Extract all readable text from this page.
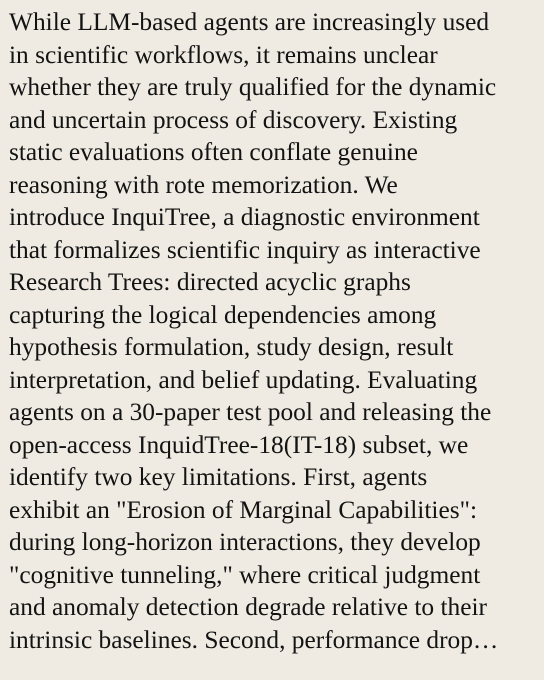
While LLM-based agents are increasingly used
in scientific workflows, it remains unclear
whether they are truly qualified for the dynamic
and uncertain process of discovery. Existing
static evaluations often conflate genuine
reasoning with rote memorization. We
introduce InquiTree, a diagnostic environment
that formalizes scientific inquiry as interactive
Research Trees: directed acyclic graphs
capturing the logical dependencies among
hypothesis formulation, study design, result
interpretation, and belief updating. Evaluating
agents on a 30-paper test pool and releasing the
open-access InquidTree-18(IT-18) subset, we
identify two key limitations. First, agents
exhibit an "Erosion of Marginal Capabilities":
during long-horizon interactions, they develop
"cognitive tunneling," where critical judgment
and anomaly detection degrade relative to their
intrinsic baselines. Second, performance drop…
